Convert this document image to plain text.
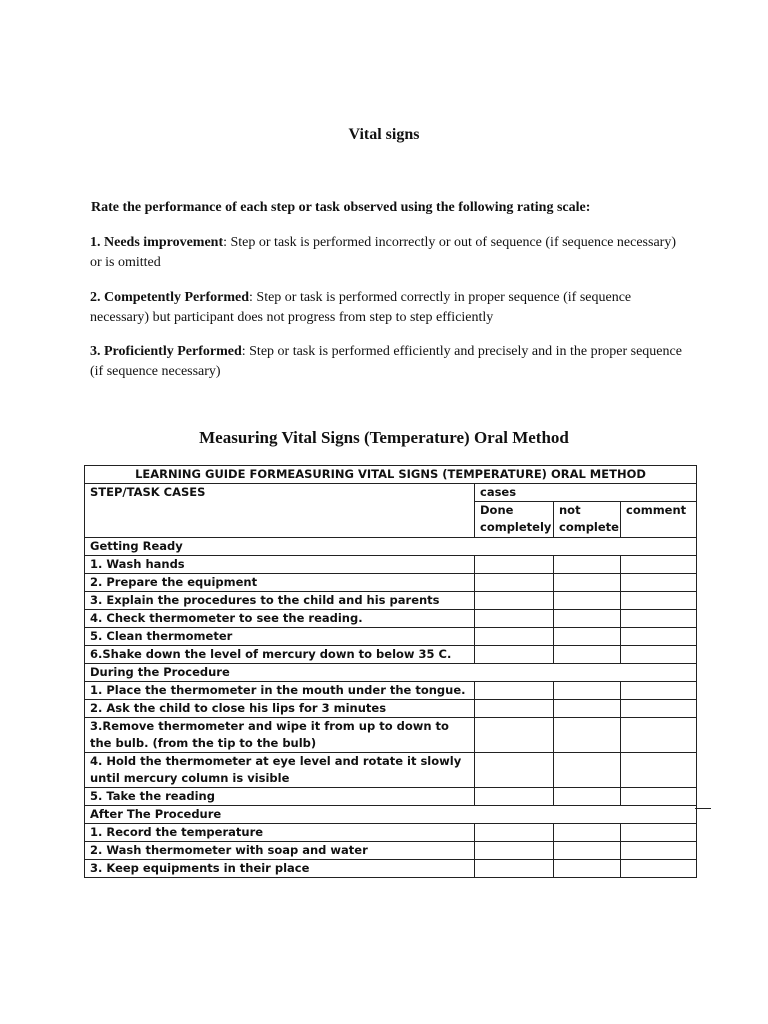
Vital signs
Rate the performance of each step or task observed using the following rating scale:
1. Needs improvement: Step or task is performed incorrectly or out of sequence (if sequence necessary) or is omitted
2. Competently Performed: Step or task is performed correctly in proper sequence (if sequence necessary) but participant does not progress from step to step efficiently
3. Proficiently Performed: Step or task is performed efficiently and precisely and in the proper sequence (if sequence necessary)
Measuring Vital Signs (Temperature) Oral Method
LEARNING GUIDE FORMEASURING VITAL SIGNS (TEMPERATURE) ORAL METHOD			
STEP/TASK CASES	cases		
	Done completely	not complete	comment
Getting Ready			
1. Wash hands			
2. Prepare the equipment			
3. Explain the procedures to the child and his parents			
4. Check thermometer to see the reading.			
5. Clean thermometer			
6.Shake down the level of mercury down to below 35 C.			
During the Procedure			
1. Place the thermometer in the mouth under the tongue.			
2. Ask the child to close his lips for 3 minutes			
3.Remove thermometer and wipe it from up to down to the bulb. (from the tip to the bulb)			
4. Hold the thermometer at eye level and rotate it slowly until mercury column is visible			
5. Take the reading			
After The Procedure			
1. Record the temperature			
2. Wash thermometer with soap and water			
3. Keep equipments in their place			
